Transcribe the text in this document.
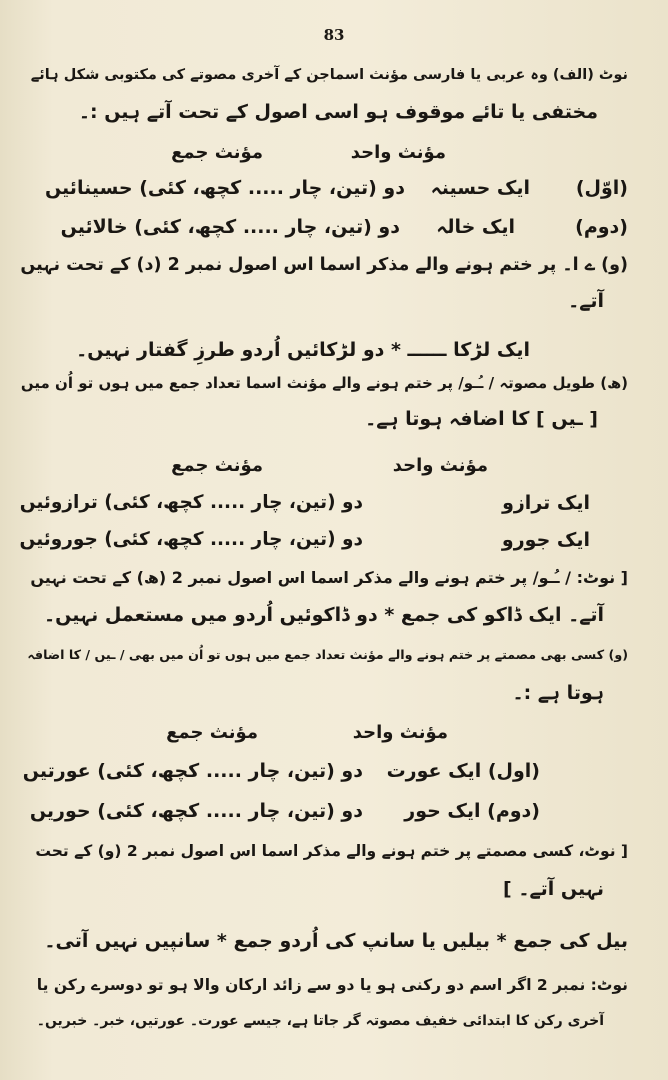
83
نوٹ (الف) وہ عربی یا فارسی مؤنث اسماجن کے آخری مصوتے کی مکتوبی شکل ہائے
مختفی یا تائے موقوف ہو اسی اصول کے تحت آتے ہیں :۔
مؤنث واحد
مؤنث جمع
(اوّل)
ایک حسینہ
دو (تین، چار ..... کچھ، کئی) حسینائیں
(دوم)
ایک خالہ
دو (تین، چار ..... کچھ، کئی) خالائیں
(و) ے ا۔ پر ختم ہونے والے مذکر اسما اس اصول نمبر 2 (د) کے تحت نہیں
آتے۔
ایک لڑکا ــــــ * دو لڑکائیں اُردو طرزِ گفتار نہیں۔
(ھ) طویل مصوتہ / ـُـو/ پر ختم ہونے والے مؤنث اسما تعداد جمع میں ہوں تو اُن میں
[ ـیں ] کا اضافہ ہوتا ہے۔
مؤنث واحد
مؤنث جمع
ایک ترازو
دو (تین، چار ..... کچھ، کئی) ترازوئیں
ایک جورو
دو (تین، چار ..... کچھ، کئی) جوروئیں
[ نوٹ: / ـُـو/ پر ختم ہونے والے مذکر اسما اس اصول نمبر 2 (ھ) کے تحت نہیں
آتے۔ ایک ڈاکو کی جمع * دو ڈاکوئیں اُردو میں مستعمل نہیں۔
(و) کسی بھی مصمتے پر ختم ہونے والے مؤنث تعداد جمع میں ہوں تو اُن میں بھی / ـیں / کا اضافہ
ہوتا ہے :۔
مؤنث واحد
مؤنث جمع
(اول) ایک عورت
دو (تین، چار ..... کچھ، کئی) عورتیں
(دوم) ایک حور
دو (تین، چار ..... کچھ، کئی) حوریں
[ نوٹ، کسی مصمتے پر ختم ہونے والے مذکر اسما اس اصول نمبر 2 (و) کے تحت
نہیں آتے۔ ]
بیل کی جمع * بیلیں یا سانپ کی اُردو جمع * سانپیں نہیں آتی۔
نوٹ: نمبر 2 اگر اسم دو رکنی ہو یا دو سے زائد ارکان والا ہو تو دوسرے رکن یا
آخری رکن کا ابتدائی خفیف مصوتہ گر جاتا ہے، جیسے عورت۔ عورتیں، خبر۔ خبریں۔
